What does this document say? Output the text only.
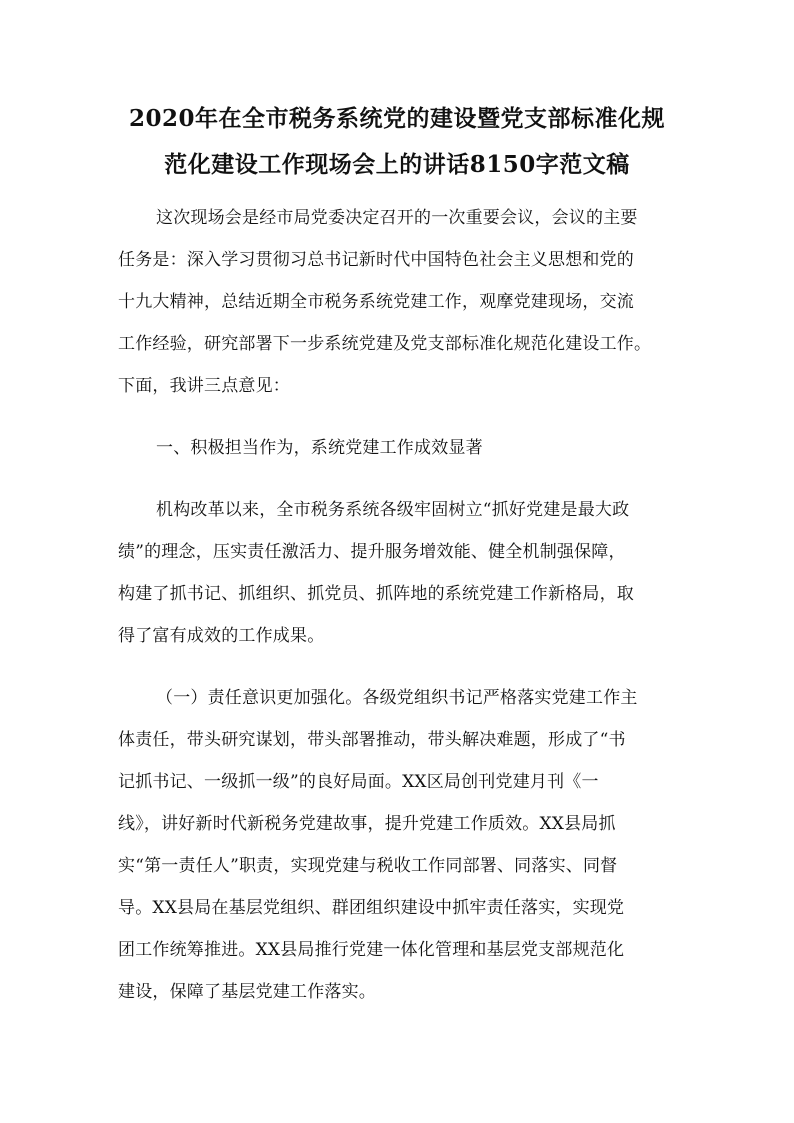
2020年在全市税务系统党的建设暨党支部标准化规
范化建设工作现场会上的讲话8150字范文稿
这次现场会是经市局党委决定召开的一次重要会议，会议的主要
任务是：深入学习贯彻习总书记新时代中国特色社会主义思想和党的
十九大精神，总结近期全市税务系统党建工作，观摩党建现场，交流
工作经验，研究部署下一步系统党建及党支部标准化规范化建设工作。
下面，我讲三点意见：
一、积极担当作为，系统党建工作成效显著
机构改革以来，全市税务系统各级牢固树立“抓好党建是最大政
绩”的理念，压实责任激活力、提升服务增效能、健全机制强保障，
构建了抓书记、抓组织、抓党员、抓阵地的系统党建工作新格局，取
得了富有成效的工作成果。
（一）责任意识更加强化。各级党组织书记严格落实党建工作主
体责任，带头研究谋划，带头部署推动，带头解决难题，形成了“书
记抓书记、一级抓一级”的良好局面。XX区局创刊党建月刊《一
线》，讲好新时代新税务党建故事，提升党建工作质效。XX县局抓
实“第一责任人”职责，实现党建与税收工作同部署、同落实、同督
导。XX县局在基层党组织、群团组织建设中抓牢责任落实，实现党
团工作统筹推进。XX县局推行党建一体化管理和基层党支部规范化
建设，保障了基层党建工作落实。
